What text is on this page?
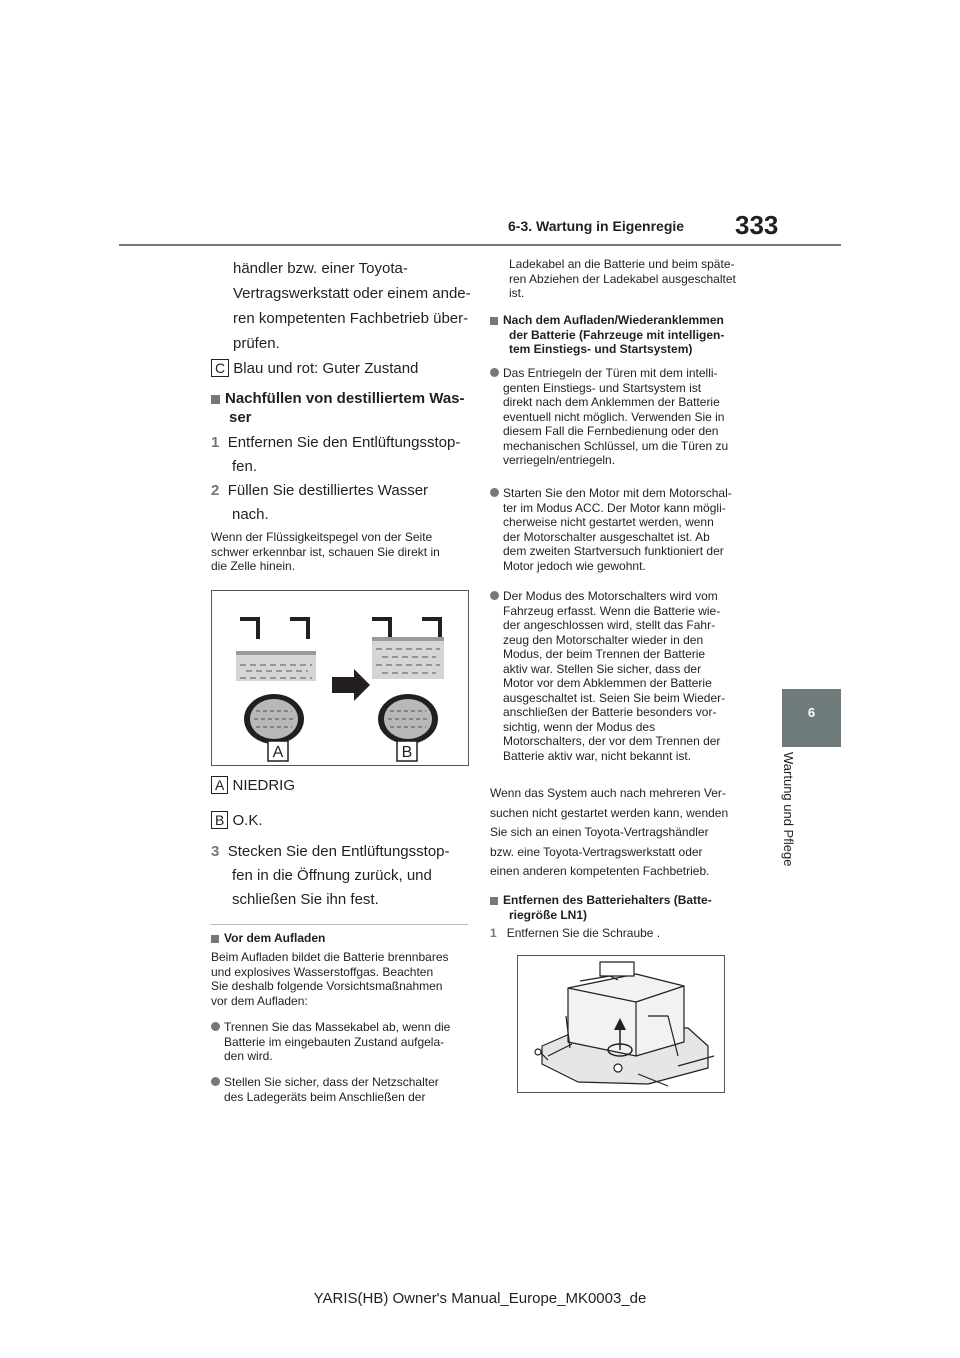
6-3. Wartung in Eigenregie 333
6
Wartung und Pflege
händler bzw. einer Toyota-
Vertragswerkstatt oder einem ande-
ren kompetenten Fachbetrieb über-
prüfen.
C Blau und rot: Guter Zustand
Nachfüllen von destilliertem Was-
ser
1 Entfernen Sie den Entlüftungsstop-
fen.
2 Füllen Sie destilliertes Wasser
nach.
Wenn der Flüssigkeitspegel von der Seite
schwer erkennbar ist, schauen Sie direkt in
die Zelle hinein.
A	B
A NIEDRIG
B O.K.
3 Stecken Sie den Entlüftungsstop-
fen in die Öffnung zurück, und
schließen Sie ihn fest.
Vor dem Aufladen
Beim Aufladen bildet die Batterie brennbares
und explosives Wasserstoffgas. Beachten
Sie deshalb folgende Vorsichtsmaßnahmen
vor dem Aufladen:
Trennen Sie das Massekabel ab, wenn die
Batterie im eingebauten Zustand aufgela-
den wird.
Stellen Sie sicher, dass der Netzschalter
des Ladegeräts beim Anschließen der
Ladekabel an die Batterie und beim späte-
ren Abziehen der Ladekabel ausgeschaltet
ist.
Nach dem Aufladen/Wiederanklemmen
der Batterie (Fahrzeuge mit intelligen-
tem Einstiegs- und Startsystem)
Das Entriegeln der Türen mit dem intelli-
genten Einstiegs- und Startsystem ist
direkt nach dem Anklemmen der Batterie
eventuell nicht möglich. Verwenden Sie in
diesem Fall die Fernbedienung oder den
mechanischen Schlüssel, um die Türen zu
verriegeln/entriegeln.
Starten Sie den Motor mit dem Motorschal-
ter im Modus ACC. Der Motor kann mögli-
cherweise nicht gestartet werden, wenn
der Motorschalter ausgeschaltet ist. Ab
dem zweiten Startversuch funktioniert der
Motor jedoch wie gewohnt.
Der Modus des Motorschalters wird vom
Fahrzeug erfasst. Wenn die Batterie wie-
der angeschlossen wird, stellt das Fahr-
zeug den Motorschalter wieder in den
Modus, der beim Trennen der Batterie
aktiv war. Stellen Sie sicher, dass der
Motor vor dem Abklemmen der Batterie
ausgeschaltet ist. Seien Sie beim Wieder-
anschließen der Batterie besonders vor-
sichtig, wenn der Modus des
Motorschalters, der vor dem Trennen der
Batterie aktiv war, nicht bekannt ist.
Wenn das System auch nach mehreren Ver-
suchen nicht gestartet werden kann, wenden
Sie sich an einen Toyota-Vertragshändler
bzw. eine Toyota-Vertragswerkstatt oder
einen anderen kompetenten Fachbetrieb.
Entfernen des Batteriehalters (Batte-
riegröße LN1)
1 Entfernen Sie die Schraube .
YARIS(HB) Owner's Manual_Europe_MK0003_de
